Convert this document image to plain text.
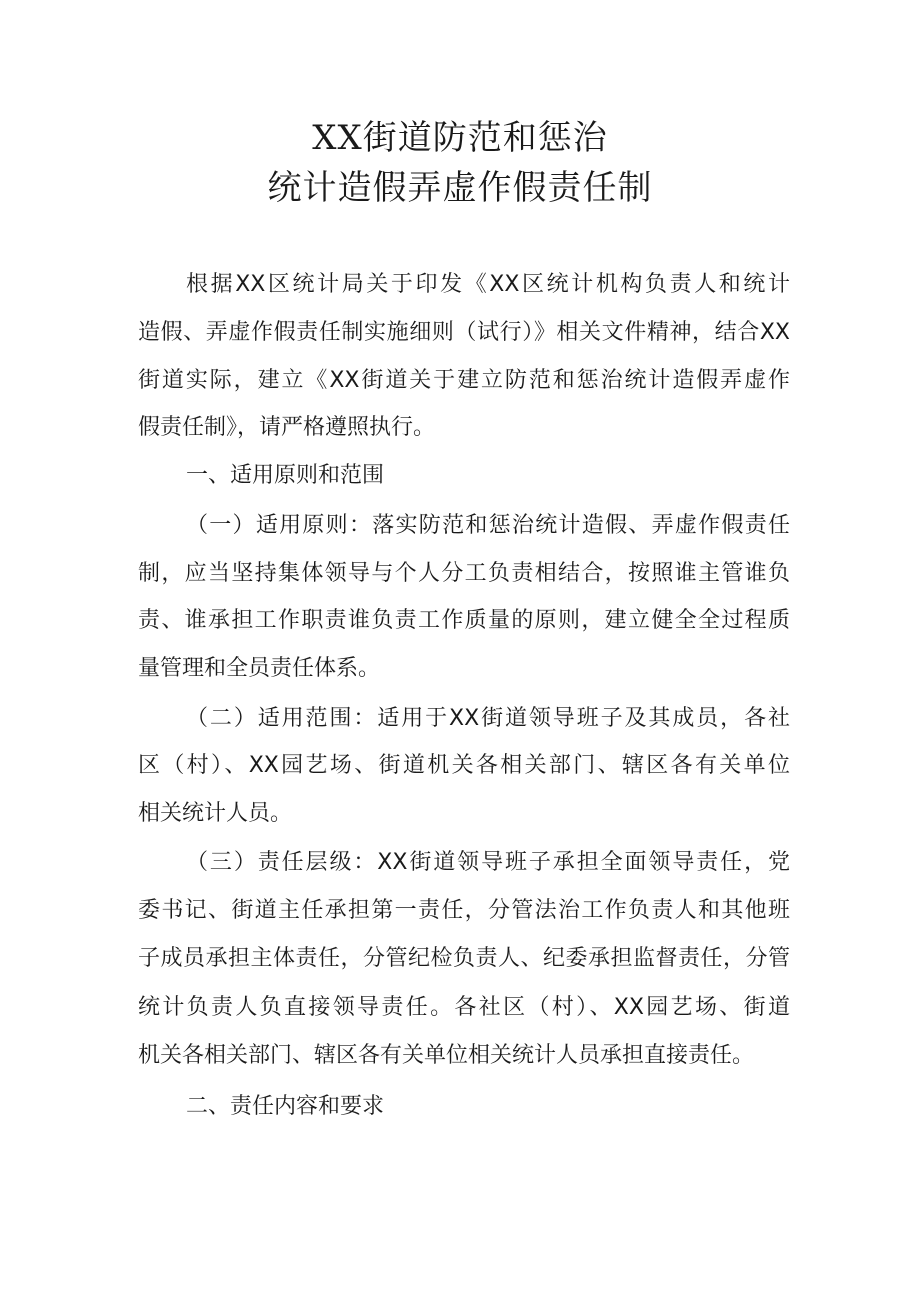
XX街道防范和惩治
统计造假弄虚作假责任制
根据XX区统计局关于印发《XX区统计机构负责人和统计
造假、弄虚作假责任制实施细则（试行）》相关文件精神，结合XX
街道实际，建立《XX街道关于建立防范和惩治统计造假弄虚作
假责任制》，请严格遵照执行。
一、适用原则和范围
（一）适用原则：落实防范和惩治统计造假、弄虚作假责任
制，应当坚持集体领导与个人分工负责相结合，按照谁主管谁负
责、谁承担工作职责谁负责工作质量的原则，建立健全全过程质
量管理和全员责任体系。
（二）适用范围：适用于XX街道领导班子及其成员，各社
区（村）、XX园艺场、街道机关各相关部门、辖区各有关单位
相关统计人员。
（三）责任层级：XX街道领导班子承担全面领导责任，党
委书记、街道主任承担第一责任，分管法治工作负责人和其他班
子成员承担主体责任，分管纪检负责人、纪委承担监督责任，分管
统计负责人负直接领导责任。各社区（村）、XX园艺场、街道
机关各相关部门、辖区各有关单位相关统计人员承担直接责任。
二、责任内容和要求
